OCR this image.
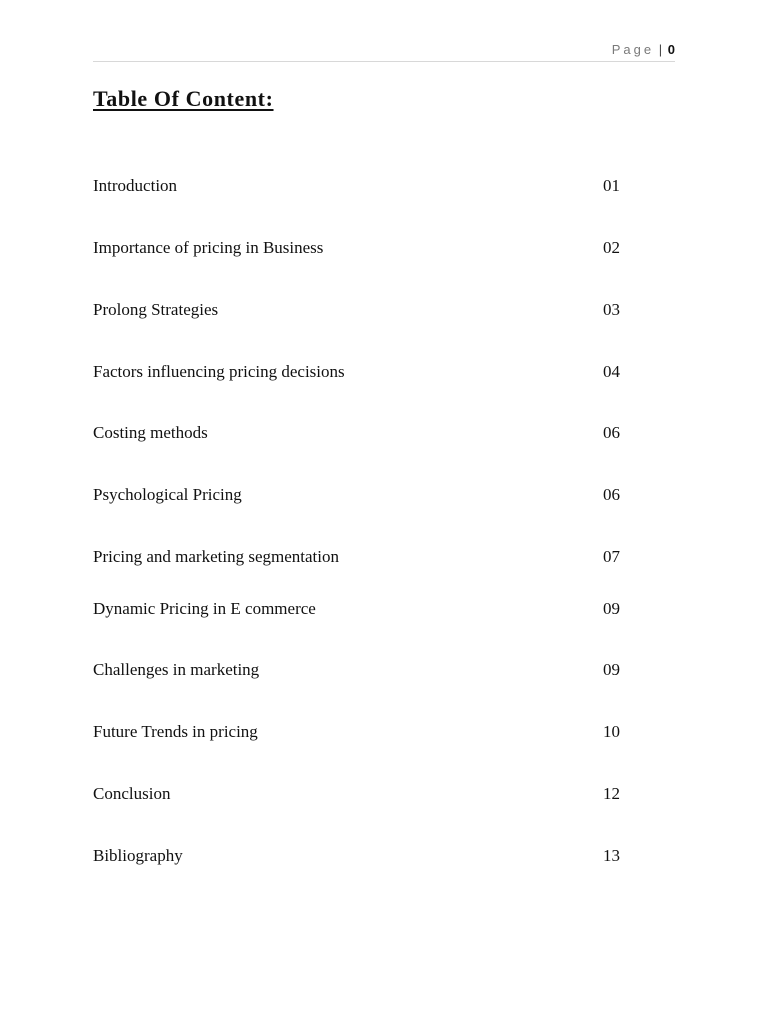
Page | 0
Table Of Content:
Introduction	01
Importance of pricing in Business	02
Prolong Strategies	03
Factors influencing pricing decisions	04
Costing methods	06
Psychological Pricing	06
Pricing and marketing segmentation	07
Dynamic Pricing in E commerce	09
Challenges in marketing	09
Future Trends in pricing	10
Conclusion	12
Bibliography	13
